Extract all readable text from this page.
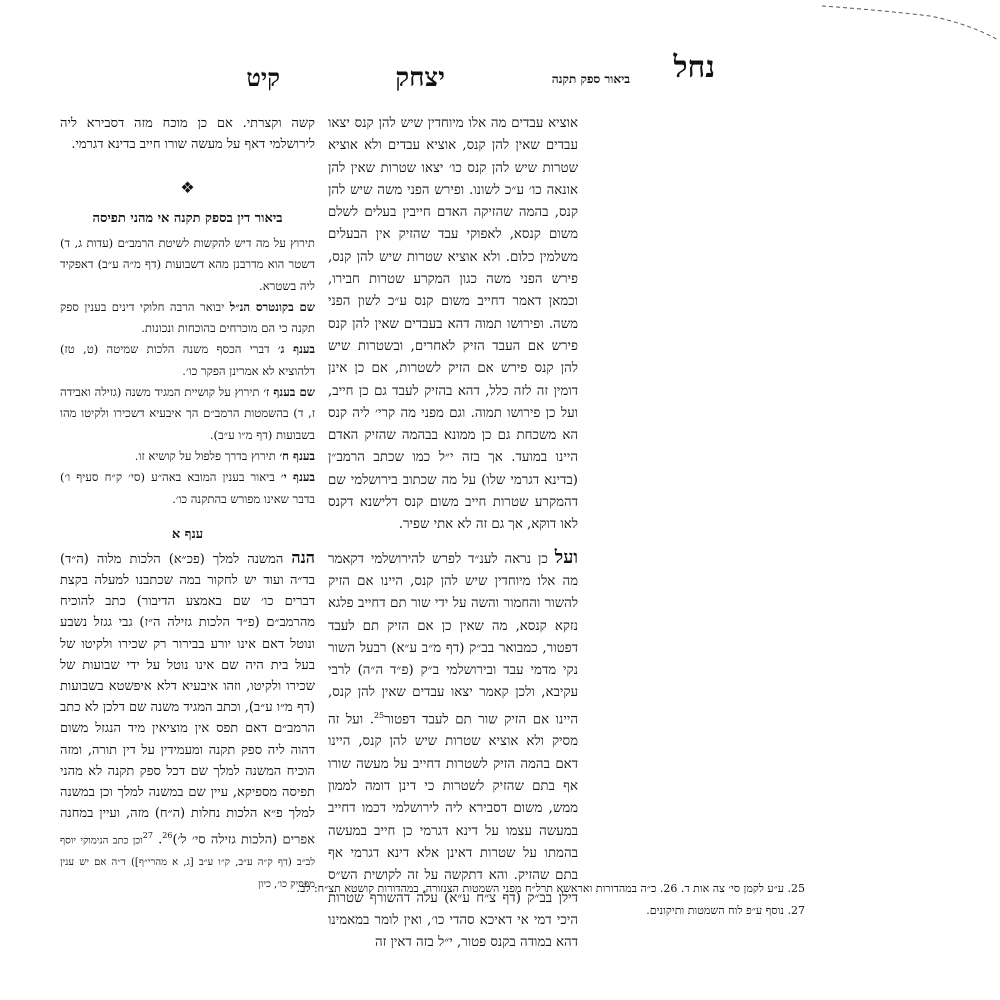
נחל
ביאור ספק תקנה
יצחק
קיט

אוציא עבדים מה אלו מיוחדין שיש להן קנס יצאו עבדים שאין להן קנס, אוציא עבדים ולא אוציא שטרות שיש להן קנס כו׳ יצאו שטרות שאין להן אונאה כו׳ ע״כ לשונו. ופירש הפני משה שיש להן קנס, בהמה שהזיקה האדם חייבין בעלים לשלם משום קנסא, לאפוקי עבד שהזיק אין הבעלים משלמין כלום. ולא אוציא שטרות שיש להן קנס, פירש הפני משה כגון המקרע שטרות חבירו, וכמאן דאמר דחייב משום קנס ע״כ לשון הפני משה. ופירושו תמוה דהא בעבדים שאין להן קנס פירש אם העבד הזיק לאחרים, ובשטרות שיש להן קנס פירש אם הזיק לשטרות, אם כן אינן דומין זה לזה כלל, דהא בהזיק לעבד גם כן חייב, ועל כן פירושו תמוה. וגם מפני מה קרי׳ ליה קנס הא משכחת גם כן ממונא בבהמה שהזיק האדם היינו במועד. אך בזה י״ל כמו שכתב הרמב״ן (בדינא דגרמי שלו) על מה שכתוב בירושלמי שם דהמקרע שטרות חייב משום קנס דלישנא דקנס לאו דוקא, אך גם זה לא אתי שפיר.

ועל כן נראה לענ״ד לפרש להירושלמי דקאמר מה אלו מיוחדין שיש להן קנס, היינו אם הזיק להשור והחמור והשה על ידי שור תם דחייב פלגא נזקא קנסא, מה שאין כן אם הזיק תם לעבד דפטור, כמבואר בב״ק (דף מ״ב ע״א) רבעל השור נקי מדמי עבד ובירושלמי ב״ק (פ״ד ה״ה) לרבי עקיבא, ולכן קאמר יצאו עבדים שאין להן קנס, היינו אם הזיק שור תם לעבד דפטור$^{25}$. ועל זה מסיק ולא אוציא שטרות שיש להן קנס, היינו דאם בהמה הזיק לשטרות דחייב על מעשה שורו אף בתם שהזיק לשטרות כי דינן דומה לממון ממש, משום דסבירא ליה לירושלמי דכמו דחייב במעשה עצמו על דינא דגרמי כן חייב במעשה בהמתו על שטרות דאינן אלא דינא דגרמי אף בתם שהזיק. והא דתקשה על זה לקושית הש״ס דילן בב״ק (דף צ״ח ע״א) עלה דהשורף שטרות היכי דמי אי דאיכא סהדי כו׳, ואין לומר במאמינו דהא במודה בקנס פטור, י״ל בזה דאין זה

קשה וקצרתי. אם כן מוכח מזה דסבירא ליה לירושלמי דאף על מעשה שורו חייב בדינא דגרמי.

❖
ביאור דין בספק תקנה אי מהני תפיסה

תירוץ על מה דיש להקשות לשיטת הרמב״ם (עדות ג, ד) דשטר הוא מדרבנן מהא דשבועות (דף מ״ה ע״ב) דאפקיד ליה בשטרא.

שם בקונטרס הנ״ל יבואר הרבה חלוקי דינים בענין ספק תקנה כי הם מוכרחים בהוכחות ונכונות.

בענף ג׳ דברי הכסף משנה הלכות שמיטה (ט, טז) דלהוציא לא אמרינן הפקר כו׳.

שם בענף ז׳ תירוץ על קושיית המגיד משנה (גזילה ואבידה ז, ד) בהשמטות הרמב״ם הך איבעיא דשכירו ולקיטו מהו בשבועות (דף מ״ו ע״ב).

בענף ח׳ תירוץ בדרך פלפול על קושיא זו.

בענף י׳ ביאור בענין המובא באה״ע (סי׳ ק״ח סעיף ו׳) בדבר שאינו מפורש בהתקנה כו׳.

ענף א

הנה המשנה למלך (פכ״א) הלכות מלוה (ה״ד) בד״ה ועוד יש לחקור במה שכתבנו למעלה בקצת דברים כו׳ שם באמצע הדיבור) כתב להוכיח מהרמב״ם (פ״ד הלכות גזילה ה״ז) גבי גגזל נשבע ונוטל דאם אינו יורע בבירור רק שכירו ולקיטו של בעל בית היה שם אינו נוטל על ידי שבועות של שכירו ולקיטו, וזהו איבעיא דלא איפשטא בשבועות (דף מ״ו ע״ב), וכתב המגיד משנה שם דלכן לא כתב הרמב״ם דאם תפס אין מוציאין מיד הנגזל משום דהוה ליה ספק תקנה ומעמידין על דין תורה, ומזה הוכיח המשנה למלך שם דכל ספק תקנה לא מהני תפיסה מספיקא, עיין שם במשנה למלך וכן במשנה למלך פ״א הלכות נחלות (ה״ח) מזה, ועיין במחנה אפרים (הלכות גזילה סי׳ ל׳)$^{26}$. $^{27}$וכן כתב הנימוקי יוסף לב״ב (דף ק״ה ע״ב, ק״ו ע״ב [ג, א מהרי״ף]) ד״ה אם יש ענין מפסיק כו׳, כיון

25. ע״ע לקמן סי׳ צה אות ד. 26. כ״ה במהדורות ואראשא תרל״ח מפני השמטות הצנזורה, במהדורות קושטא תצ״ח: לב.
27. נוסף ע״פ לוח השמטות ותיקונים.
